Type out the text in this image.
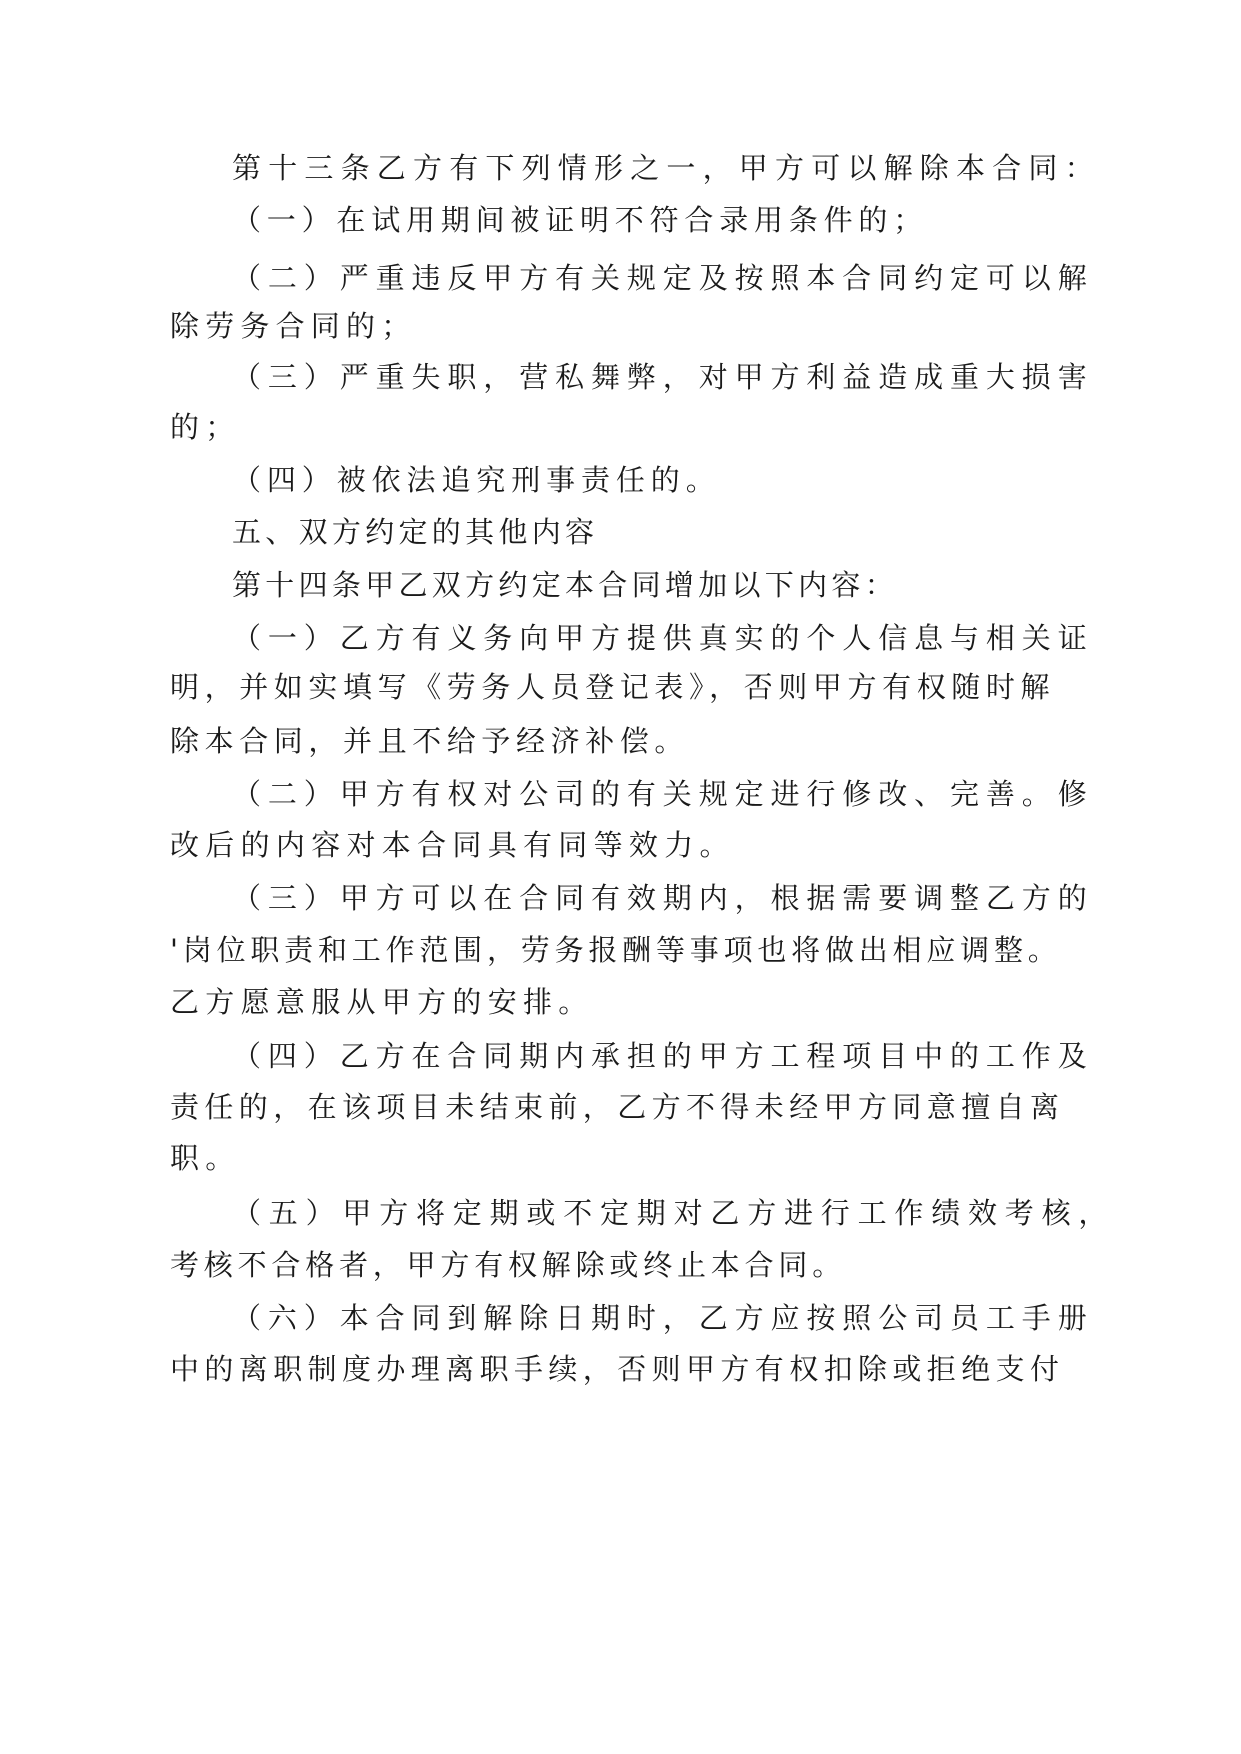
第十三条乙方有下列情形之一，甲方可以解除本合同：

（一）在试用期间被证明不符合录用条件的；

（二）严重违反甲方有关规定及按照本合同约定可以解

除劳务合同的；

（三）严重失职，营私舞弊，对甲方利益造成重大损害

的；

（四）被依法追究刑事责任的。

五、双方约定的其他内容

第十四条甲乙双方约定本合同增加以下内容：

（一）乙方有义务向甲方提供真实的个人信息与相关证

明，并如实填写《劳务人员登记表》，否则甲方有权随时解

除本合同，并且不给予经济补偿。

（二）甲方有权对公司的有关规定进行修改、完善。修

改后的内容对本合同具有同等效力。

（三）甲方可以在合同有效期内，根据需要调整乙方的

'岗位职责和工作范围，劳务报酬等事项也将做出相应调整。

乙方愿意服从甲方的安排。

（四）乙方在合同期内承担的甲方工程项目中的工作及

责任的，在该项目未结束前，乙方不得未经甲方同意擅自离

职。

（五）甲方将定期或不定期对乙方进行工作绩效考核，

考核不合格者，甲方有权解除或终止本合同。

（六）本合同到解除日期时，乙方应按照公司员工手册

中的离职制度办理离职手续，否则甲方有权扣除或拒绝支付
